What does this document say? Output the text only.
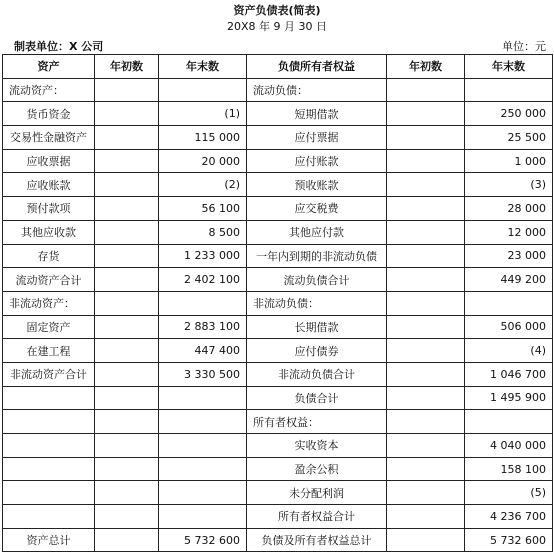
资产负债表(简表)
20X8 年 9 月 30 日
制表单位：X 公司	单位：元
资产	年初数	年末数	负债所有者权益	年初数	年末数
流动资产：			流动负债：		
货币资金		(1)	短期借款		250 000
交易性金融资产		115 000	应付票据		25 500
应收票据		20 000	应付账款		1 000
应收账款		(2)	预收账款		(3)
预付款项		56 100	应交税费		28 000
其他应收款		8 500	其他应付款		12 000
存货		1 233 000	一年内到期的非流动负债		23 000
流动资产合计		2 402 100	流动负债合计		449 200
非流动资产：			非流动负债：		
固定资产		2 883 100	长期借款		506 000
在建工程		447 400	应付债券		(4)
非流动资产合计		3 330 500	非流动负债合计		1 046 700
			负债合计		1 495 900
			所有者权益：		
			实收资本		4 040 000
			盈余公积		158 100
			未分配利润		(5)
			所有者权益合计		4 236 700
资产总计		5 732 600	负债及所有者权益总计		5 732 600
